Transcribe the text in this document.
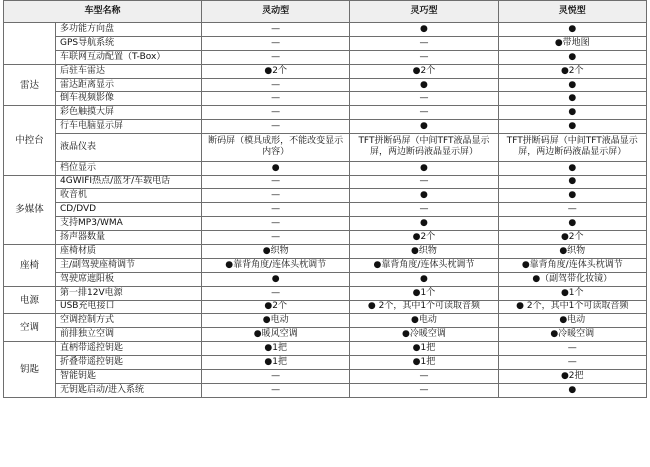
车型名称		灵动型	灵巧型	灵悦型
	多功能方向盘	—	●	●
	GPS导航系统	—	—	●带地图
	车联网互动配置（T-Box）	—	—	●
雷达	后驻车雷达	●2个	●2个	●2个
	雷达距离显示	—	●	●
	倒车视频影像	—	—	●
中控台	彩色触摸大屏	—	—	●
	行车电脑显示屏	—	●	●
	液晶仪表	断码屏（模具成形，不能改变显示内容）	TFT拼断码屏（中间TFT液晶显示屏，两边断码液晶显示屏）	TFT拼断码屏（中间TFT液晶显示屏，两边断码液晶显示屏）
	档位显示	●	●	●
多媒体	4GWIFI热点/蓝牙/车载电话	—	—	●
	收音机	—	●	●
	CD/DVD	—	—	—
	支持MP3/WMA	—	●	●
	扬声器数量	—	●2个	●2个
座椅	座椅材质	●织物	●织物	●织物
	主/副驾驶座椅调节	●靠背角度/连体头枕调节	●靠背角度/连体头枕调节	●靠背角度/连体头枕调节
	驾驶席遮阳板	●	●	●（副驾带化妆镜）
电源	第一排12V电源	—	●1个	●1个
	USB充电接口	●2个	● 2个，其中1个可读取音频	● 2个，其中1个可读取音频
空调	空调控制方式	●电动	●电动	●电动
	前排独立空调	●暖风空调	●冷暖空调	●冷暖空调
钥匙	直柄带遥控钥匙	●1把	●1把	—
	折叠带遥控钥匙	●1把	●1把	—
	智能钥匙	—	—	●2把
	无钥匙启动/进入系统	—	—	●
